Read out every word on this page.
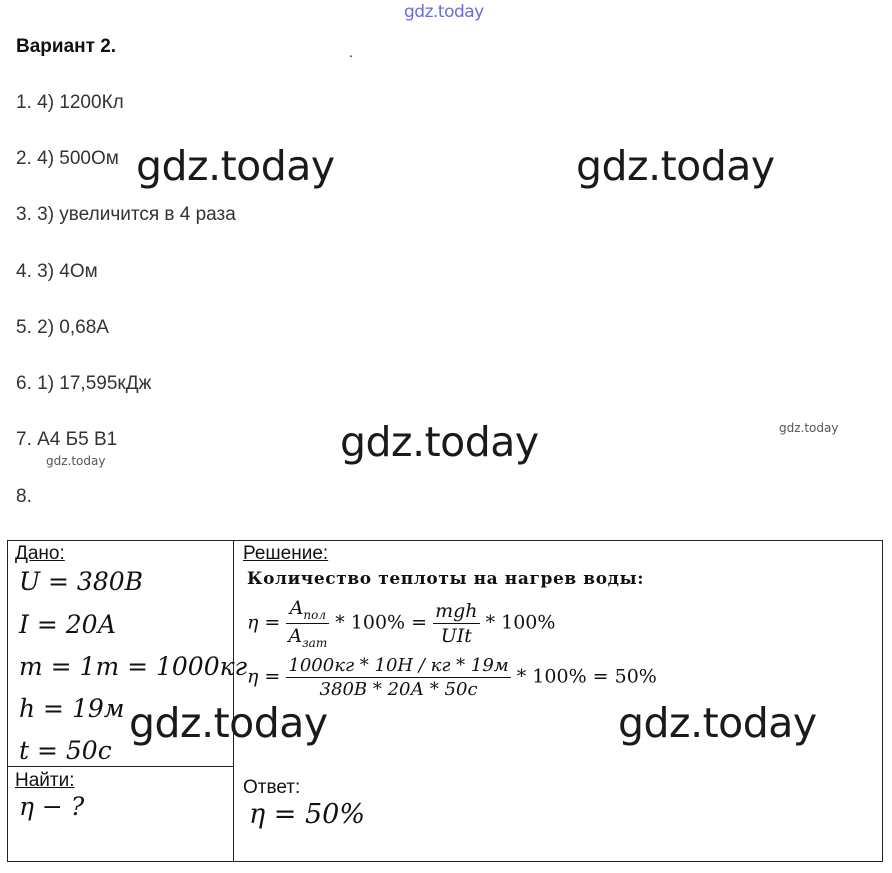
gdz.today
Вариант 2.	.
1. 4) 1200Кл
2. 4) 500Ом
3. 3) увеличится в 4 раза
4. 3) 4Ом
5. 2) 0,68А
6. 1) 17,595кДж
7. А4 Б5 В1
8.
gdz.today	gdz.today
gdz.today	gdz.today
gdz.today
Дано:
U = 380В
I = 20А
m = 1т = 1000кг
h = 19м
t = 50с
Найти:
η − ?
Решение:
Количество теплоты на нагрев воды:
$\eta = \frac{A_{пол}}{A_{зат}} * 100\% = \frac{\text{mgh}}{\text{UIt}} * 100\%$
$\eta = \frac{1000кг * 10Н / кг * 19м}{380В * 20А * 50с} * 100\% = 50\%$
Ответ:
η = 50%
gdz.today	gdz.today
